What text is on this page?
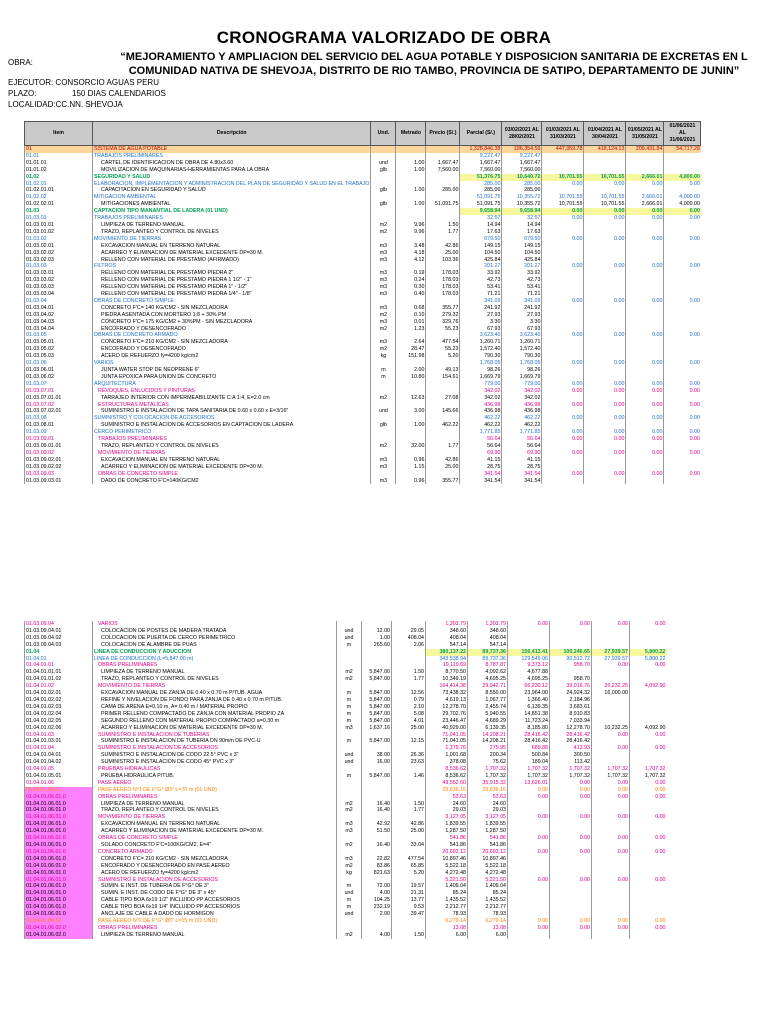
CRONOGRAMA VALORIZADO DE OBRA
OBRA:	“MEJORAMIENTO Y AMPLIACION DEL SERVICIO DEL AGUA POTABLE Y DISPOSICION SANITARIA DE EXCRETAS EN L
COMUNIDAD NATIVA DE SHEVOJA, DISTRITO DE RIO TAMBO, PROVINCIA DE SATIPO, DEPARTAMENTO DE JUNIN”
EJECUTOR: CONSORCIO AGUAS PERU
PLAZO:	150 DIAS CALENDARIOS
LOCALIDAD:CC.NN. SHEVOJA
Item	Descripción	Und.	Metrado	Precio (S/.)	Parcial (S/.)	03/02/2021 AL 28/02/2021	01/03/2021 AL 31/03/2021	01/04/2021 AL 30/04/2021	01/05/2021 AL 31/05/2021	01/06/2021 AL 31/06/2021
01	SISTEMA DE AGUA POTABLE				1,328,846.38	186,354.56	447,959.78	418,124.13	209,431.84	54,717.28
01.01	TRABAJOS PRELIMINARES				9,227.47	9,227.47				
01.01.01	CARTEL DE IDENTIFICACION DE OBRA DE 4.80x3.60	und	1.00	1,667.47	1,667.47	1,667.47				
01.01.02	MOVILIZACION DE MAQUINARIAS-HERRAMIENTAS PARA LA OBRA	glb	1.00	7,560.00	7,560.00	7,560.00				
01.02	SEGURIDAD Y SALUD				51,376.75	10,640.72	10,701.55	10,701.55	2,666.01	4,000.00
01.02.01	ELABORACION, IMPLEMENTACION Y ADMINISTRACION DEL PLAN DE SEGURIDAD Y SALUD EN EL TRABAJO				285.00	285.00	0.00	0.00	0.00	0.00
01.02.01.01	CAPACITACION EN SEGURIDAD Y SALUD	glb	1.00	285.00	285.00	285.00				
01.02.02	MITIGACION AMBIENTAL				51,091.75	10,355.72	10,701.55	10,701.55	2,666.01	4,000.00
01.02.02.01	MITIGACIONES AMBIENTAL	glb	1.00	51,091.75	51,091.75	10,355.72	10,701.55	10,701.55	2,666.01	4,000.00
01.03	CAPTACION TIPO MANANTIAL DE LADERA (01 UND)				9,658.94	9,658.94	0.00	0.00	0.00	0.00
01.03.01	TRABAJOS PRELIMINARES				32.57	32.57	0.00	0.00	0.00	0.00
01.03.01.01	LIMPIEZA DE TERRENO MANUAL	m2	9.96	1.50	14.94	14.94				
01.03.01.02	TRAZO, REPLANTEO Y CONTROL DE NIVELES	m2	9.96	1.77	17.63	17.63				
01.03.02	MOVIMIENTO DE TIERRAS				679.50	679.50	0.00	0.00	0.00	0.00
01.03.02.01	EXCAVACION MANUAL EN TERRENO NATURAL	m3	3.48	42.86	149.15	149.15				
01.03.02.02	ACARREO Y ELIMINACIÓN DE MATERIAL EXCEDENTE DP=30 M.	m3	4.18	25.00	104.50	104.50				
01.03.02.03	RELLENO CON MATERIAL DE PRESTAMO (AFIRMADO)	m3	4.12	103.36	425.84	425.84				
01.03.03	FILTROS				201.27	201.27	0.00	0.00	0.00	0.00
01.03.03.01	RELLENO CON MATERIAL DE PRESTAMO PIEDRA 2"	m3	0.19	178.03	33.92	33.92				
01.03.03.02	RELLENO CON MATERIAL DE PRESTAMO PIEDRA 1 1/2" - 1"	m3	0.24	178.03	42.73	42.73				
01.03.03.03	RELLENO CON MATERIAL DE PRESTAMO PIEDRA 1" - 1/2"	m3	0.30	178.03	53.41	53.41				
01.03.03.04	RELLENO CON MATERIAL DE PRESTAMO PIEDRA 1/4" - 1/8"	m3	0.40	178.03	71.21	71.21				
01.03.04	OBRAS DE CONCRETO SIMPLE				341.09	341.09	0.00	0.00	0.00	0.00
01.03.04.01	CONCRETO F'C= 140 KG/CM2 - SIN MEZCLADORA	m3	0.68	355.77	241.92	241.92				
01.03.04.02	PIEDRA ASENTADA CON MORTERO 1:8 + 30% PM	m2	0.10	279.32	27.93	27.93				
01.03.04.03	CONCRETO F'C= 175 KG/CM2 + 30%PM - SIN MEZCLADORA	m3	0.01	329.76	3.30	3.30				
01.03.04.04	ENCOFRADO Y DESENCOFRADO	m2	1.23	55.23	67.93	67.93				
01.03.05	OBRAS DE CONCRETO ARMADO				3,623.40	3,623.40	0.00	0.00	0.00	0.00
01.03.05.01	CONCRETO F'C= 210 KG/CM2 - SIN MEZCLADORA	m3	2.64	477.54	1,260.71	1,260.71				
01.03.05.02	ENCOFRADO Y DESENCOFRADO	m2	28.47	55.23	1,572.40	1,572.40				
01.03.05.03	ACERO DE REFUERZO fy=4200 kg/cm2	kg	151.98	5.20	790.30	790.30				
01.03.06	VARIOS				1,768.05	1,768.05	0.00	0.00	0.00	0.00
01.03.06.01	JUNTA WATER STOP DE NEOPRENE 6"	m	2.00	49.13	98.26	98.26				
01.03.06.02	JUNTA EPOXICA PARA UNION DE CONCRETO	m	10.80	154.61	1,669.79	1,669.79				
01.03.07	ARQUITECTURA				779.00	779.00	0.00	0.00	0.00	0.00
01.03.07.01	REVOQUES, ENLUCIDOS Y PINTURAS				342.02	342.02	0.00	0.00	0.00	0.00
01.03.07.01.01	TARRAJEO INTERIOR CON IMPERMEABILIZANTE C:A 1:4, E=2.0 cm	m2	12.63	27.08	342.02	342.02				
01.03.07.02	ESTRUCTURAS METALICAS				436.98	436.98	0.00	0.00	0.00	0.00
01.03.07.02.01	SUMINISTRO E INSTALACION DE TAPA SANITARIA DE 0.60 x 0.60 x E=3/16"	und	3.00	145.66	436.98	436.98				
01.03.08	SUMINISTRO Y COLOCACION DE ACCESORIOS				462.22	462.22	0.00	0.00	0.00	0.00
01.03.08.01	SUMINISTRO E INSTALACION DE ACCESORIOS EN CAPTACION DE LADERA	glb	1.00	462.22	462.22	462.22				
01.03.09	CERCO PERIMETRICO				1,771.85	1,771.85	0.00	0.00	0.00	0.00
01.03.09.01	TRABAJOS PRELIMINARES				56.64	56.64	0.00	0.00	0.00	0.00
01.03.09.01.01	TRAZO, REPLANTEO Y CONTROL DE NIVELES	m2	32.00	1.77	56.64	56.64				
01.03.09.02	MOVIMIENTO DE TIERRAS				69.90	69.90	0.00	0.00	0.00	0.00
01.03.09.02.01	EXCAVACION MANUAL EN TERRENO NATURAL	m3	0.96	42.86	41.15	41.15				
01.03.09.02.02	ACARREO Y ELIMINACIÓN DE MATERIAL EXCEDENTE DP=30 M.	m3	1.15	25.00	28.75	28.75				
01.03.09.03	OBRAS DE CONCRETO SIMPLE				341.54	341.54	0.00	0.00	0.00	0.00
01.03.09.03.01	DADO DE CONCRETO F'C=140KG/CM2	m3	0.96	355.77	341.54	341.54				
01.03.09.04	VARIOS				1,303.79	1,303.79	0.00	0.00	0.00	0.00
01.03.09.04.01	COLOCACION DE POSTES DE MADERA TRATADA	und	12.00	29.05	348.60	348.60				
01.03.09.04.02	COLOCACION DE PUERTA DE CERCO PERIMETRICO	und	1.00	408.04	408.04	408.04				
01.03.09.04.03	COLOCACION DE ALAMBRE DE PUAS	m	265.60	2.06	547.14	547.14				
01.04	LINEA DE CONDUCCION Y ADUCCION				380,137.22	89,737.36	156,413.41	100,246.65	27,939.57	5,800.22
01.04.01	LINEA DE CONDUCCION (L=5,847.00 m)				343,538.94	89,737.36	129,549.06	90,512.72	27,939.57	5,800.22
01.04.01.01	OBRAS PRELIMINARES				19,119.69	8,787.87	9,373.12	958.70	0.00	0.00
01.04.01.01.01	LIMPIEZA DE TERRENO MANUAL	m2	5,847.00	1.50	8,770.50	4,092.62	4,677.88			
01.04.01.01.02	TRAZO, REPLANTEO Y CONTROL DE NIVELES	m2	5,847.00	1.77	10,349.19	4,695.25	4,695.25	958.70		
01.04.01.02	MOVIMIENTO DE TIERRAS				164,414.38	29,942.71	66,230.12	39,016.76	26,232.25	4,092.90
01.04.01.02.01	EXCAVACION MANUAL DE ZANJA DE 0.40 x 0.70 m P/TUB. AGUA	m	5,847.00	12.56	73,438.32	8,550.00	23,964.00	24,924.32	16,000.00	
01.04.01.02.02	REFINE Y NIVELACION DE FONDO PARA ZANJA DE 0.40 x 0.70 m P/TUB.	m	5,847.00	0.79	4,619.13	1,067.77	1,366.40	2,184.96		
01.04.01.02.03	CAMA DE ARENA E=0.10 m, A= 0.40 m / MATERIAL PROPIO	m	5,847.00	2.10	12,278.70	2,455.74	6,139.35	3,683.61		
01.04.01.02.04	PRIMER RELLENO COMPACTADO DE ZANJA CON MATERIAL PROPIO ZA	m	5,847.00	5.08	29,702.76	5,940.55	14,851.38	8,910.83		
01.04.01.02.05	SEGUNDO RELLENO CON MATERIAL PROPIO COMPACTADO a=0.30 m	m	5,847.00	4.01	23,446.47	4,689.29	11,723.24	7,033.94		
01.04.01.02.06	ACARREO Y ELIMINACIÓN DE MATERIAL EXCEDENTE DP=30 M.	m3	1,637.16	25.00	40,929.00	6,139.35	8,185.80	12,278.70	10,232.25	4,092.90
01.04.01.03	SUMINISTRO E INSTALACION DE TUBERIAS				71,041.05	14,208.21	28,416.42	28,416.42	0.00	0.00
01.04.01.03.01	SUMINISTRO E INSTALACION DE TUBERIA DN 90mm DE PVC-U	m	5,847.00	12.15	71,041.05	14,208.21	28,416.42	28,416.42		
01.04.01.04	SUMINISTRO E INSTALACION DE ACCESORIOS				1,379.76	275.95	689.88	413.93	0.00	0.00
01.04.01.04.01	SUMINISTRO E INSTALACION DE CODO 22.5° PVC x 3"	und	38.00	26.36	1,001.68	200.34	500.84	300.50		
01.04.01.04.02	SUMINISTRO E INSTALACION DE CODO 45° PVC x 3"	und	16.00	23.63	378.08	75.62	189.04	113.42		
01.04.01.05	PRUEBAS HIDRAULICAS				8,536.62	1,707.32	1,707.32	1,707.32	1,707.32	1,707.32
01.04.01.05.01	PRUEBA HIDRAULICA P/TUB.	m	5,847.00	1.46	8,536.62	1,707.32	1,707.32	1,707.32	1,707.32	1,707.32
01.04.01.06	PASE AEREO				49,552.60	35,915.32	13,626.01	0.00	0.00	0.00
01.04.01.06.01	PASE AEREO Nº1 DE F°G° Ø3" L=70 m (01 UND)				29,636.16	29,636.16	0.00	0.00	0.00	0.00
01.04.01.06.01.0	OBRAS PRELIMINARES				53.63	53.63	0.00	0.00	0.00	0.00
01.04.01.06.01.0	LIMPIEZA DE TERRENO MANUAL	m2	16.40	1.50	24.60	24.60				
01.04.01.06.01.0	TRAZO, REPLANTEO Y CONTROL DE NIVELES	m2	16.40	1.77	29.03	29.03				
01.04.01.06.01.0	MOVIMIENTO DE TIERRAS				3,127.05	3,127.05	0.00	0.00	0.00	0.00
01.04.01.06.01.0	EXCAVACION MANUAL EN TERRENO NATURAL	m3	42.92	42.86	1,839.55	1,839.55				
01.04.01.06.01.0	ACARREO Y ELIMINACIÓN DE MATERIAL EXCEDENTE DP=30 M.	m3	51.50	25.00	1,287.50	1,287.50				
01.04.01.06.01.0	OBRAS DE CONCRETO SIMPLE				541.86	541.86	0.00	0.00	0.00	0.00
01.04.01.06.01.0	SOLADO CONCRETO F'C=100KG/CM2, E=4"	m2	16.40	33.04	541.86	541.86				
01.04.01.06.01.0	CONCRETO ARMADO				20,692.12	20,692.12	0.00	0.00	0.00	0.00
01.04.01.06.01.0	CONCRETO F'C= 210 KG/CM2 - SIN MEZCLADORA	m3	22.82	477.54	10,897.46	10,897.46				
01.04.01.06.01.0	ENCOFRADO Y DESENCOFRADO EN PASE AEREO	m2	83.86	65.85	5,522.18	5,522.18				
01.04.01.06.01.0	ACERO DE REFUERZO fy=4200 kg/cm2	kg	821.63	5.20	4,272.48	4,272.48				
01.04.01.06.01.0	SUMINISTRO E INSTALACION DE ACCESORIOS				5,221.50	5,221.50	0.00	0.00	0.00	0.00
01.04.01.06.01.0	SUMIN. E INST. DE TUBERIA DE F°G° DE 3"	m	72.00	19.57	1,409.04	1,409.04				
01.04.01.06.01.0	SUMIN. E INST. DE CODO DE F°G° DE 3" x 45°	und	4.00	21.31	85.24	85.24				
01.04.01.06.01.0	CABLE TIPO BOA 6x19 1/2" INCLUIDO PP ACCESORIOS	m	104.25	13.77	1,435.52	1,435.52				
01.04.01.06.01.0	CABLE TIPO BOA 6x19 1/4" INCLUIDO PP ACCESORIOS	m	232.19	9.53	2,212.77	2,212.77				
01.04.01.06.01.0	ANCLAJE DE CABLE A DADO DE HORMIGÓN	und	2.00	39.47	78.93	78.93				
01.04.01.06.02	PASE AEREO Nº2 DE F°G° Ø3" L=15 m (01 UND)				6,279.14	6,279.14	0.00	0.00	0.00	0.00
01.04.01.06.02.0	OBRAS PRELIMINARES				13.08	13.08	0.00	0.00	0.00	0.00
01.04.01.06.02.0	LIMPIEZA DE TERRENO MANUAL	m2	4.00	1.50	6.00	6.00				
